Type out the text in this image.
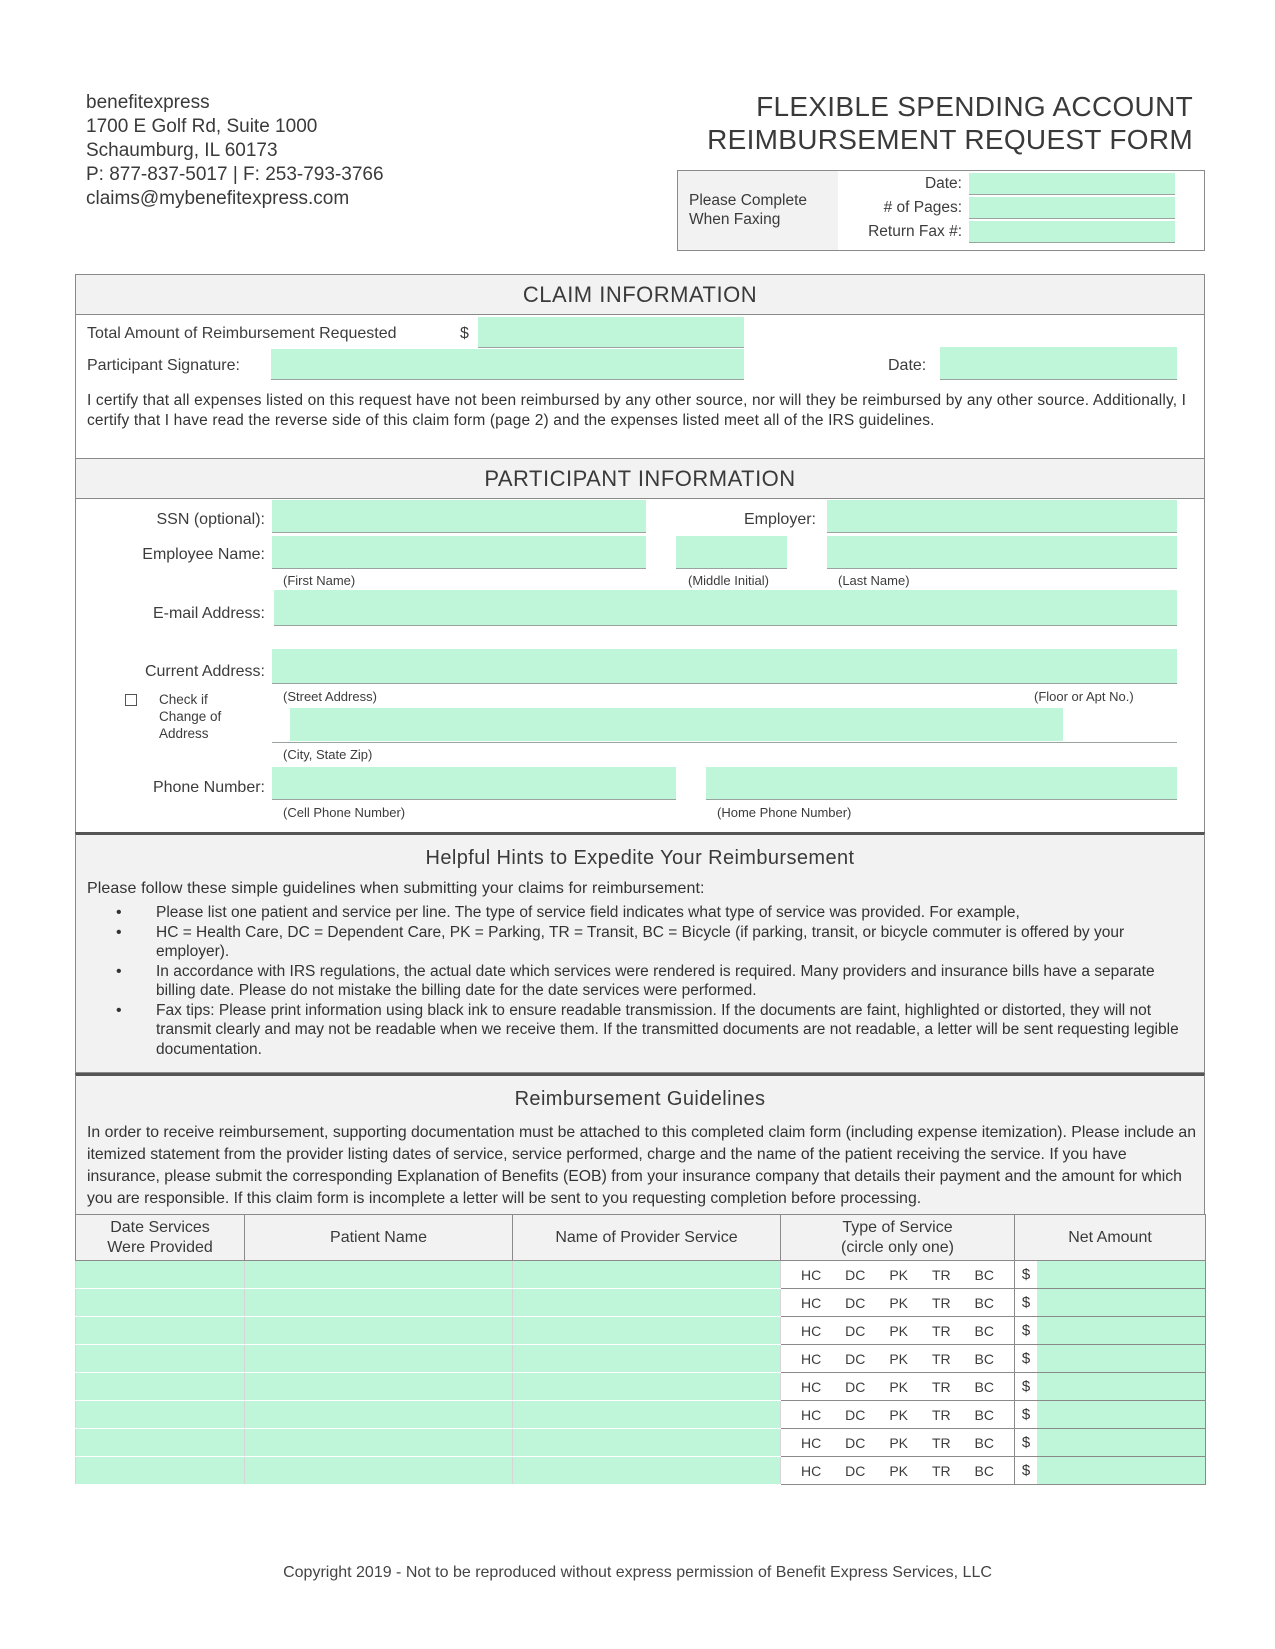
benefitexpress
1700 E Golf Rd, Suite 1000
Schaumburg, IL 60173
P: 877-837-5017 | F: 253-793-3766
claims@mybenefitexpress.com
FLEXIBLE SPENDING ACCOUNT
REIMBURSEMENT REQUEST FORM
Please Complete When Faxing
Date:
# of Pages:
Return Fax #:
CLAIM INFORMATION
Total Amount of Reimbursement Requested	$
Participant Signature:	Date:
I certify that all expenses listed on this request have not been reimbursed by any other source, nor will they be reimbursed by any other source. Additionally, I certify that I have read the reverse side of this claim form (page 2) and the expenses listed meet all of the IRS guidelines.
PARTICIPANT INFORMATION
SSN (optional):	Employer:
Employee Name:
(First Name)	(Middle Initial)	(Last Name)
E-mail Address:
Current Address:
(Street Address)	(Floor or Apt No.)
Check if
Change of
Address
(City, State Zip)
Phone Number:
(Cell Phone Number)	(Home Phone Number)
Helpful Hints to Expedite Your Reimbursement
Please follow these simple guidelines when submitting your claims for reimbursement:
• Please list one patient and service per line. The type of service field indicates what type of service was provided. For example,
• HC = Health Care, DC = Dependent Care, PK = Parking, TR = Transit, BC = Bicycle (if parking, transit, or bicycle commuter is offered by your employer).
• In accordance with IRS regulations, the actual date which services were rendered is required. Many providers and insurance bills have a separate billing date. Please do not mistake the billing date for the date services were performed.
• Fax tips: Please print information using black ink to ensure readable transmission. If the documents are faint, highlighted or distorted, they will not transmit clearly and may not be readable when we receive them. If the transmitted documents are not readable, a letter will be sent requesting legible documentation.
Reimbursement Guidelines

In order to receive reimbursement, supporting documentation must be attached to this completed claim form (including expense itemization). Please include an itemized statement from the provider listing dates of service, service performed, charge and the name of the patient receiving the service. If you have insurance, please submit the corresponding Explanation of Benefits (EOB) from your insurance company that details their payment and the amount for which you are responsible. If this claim form is incomplete a letter will be sent to you requesting completion before processing.

Date Services
Were Provided	Patient Name	Name of Provider Service	Type of Service
(circle only one)	Net Amount

			HC DC PK TR BC	$

			HC DC PK TR BC	$

			HC DC PK TR BC	$

			HC DC PK TR BC	$

			HC DC PK TR BC	$

			HC DC PK TR BC	$

			HC DC PK TR BC	$

			HC DC PK TR BC	$
Copyright 2019 - Not to be reproduced without express permission of Benefit Express Services, LLC
